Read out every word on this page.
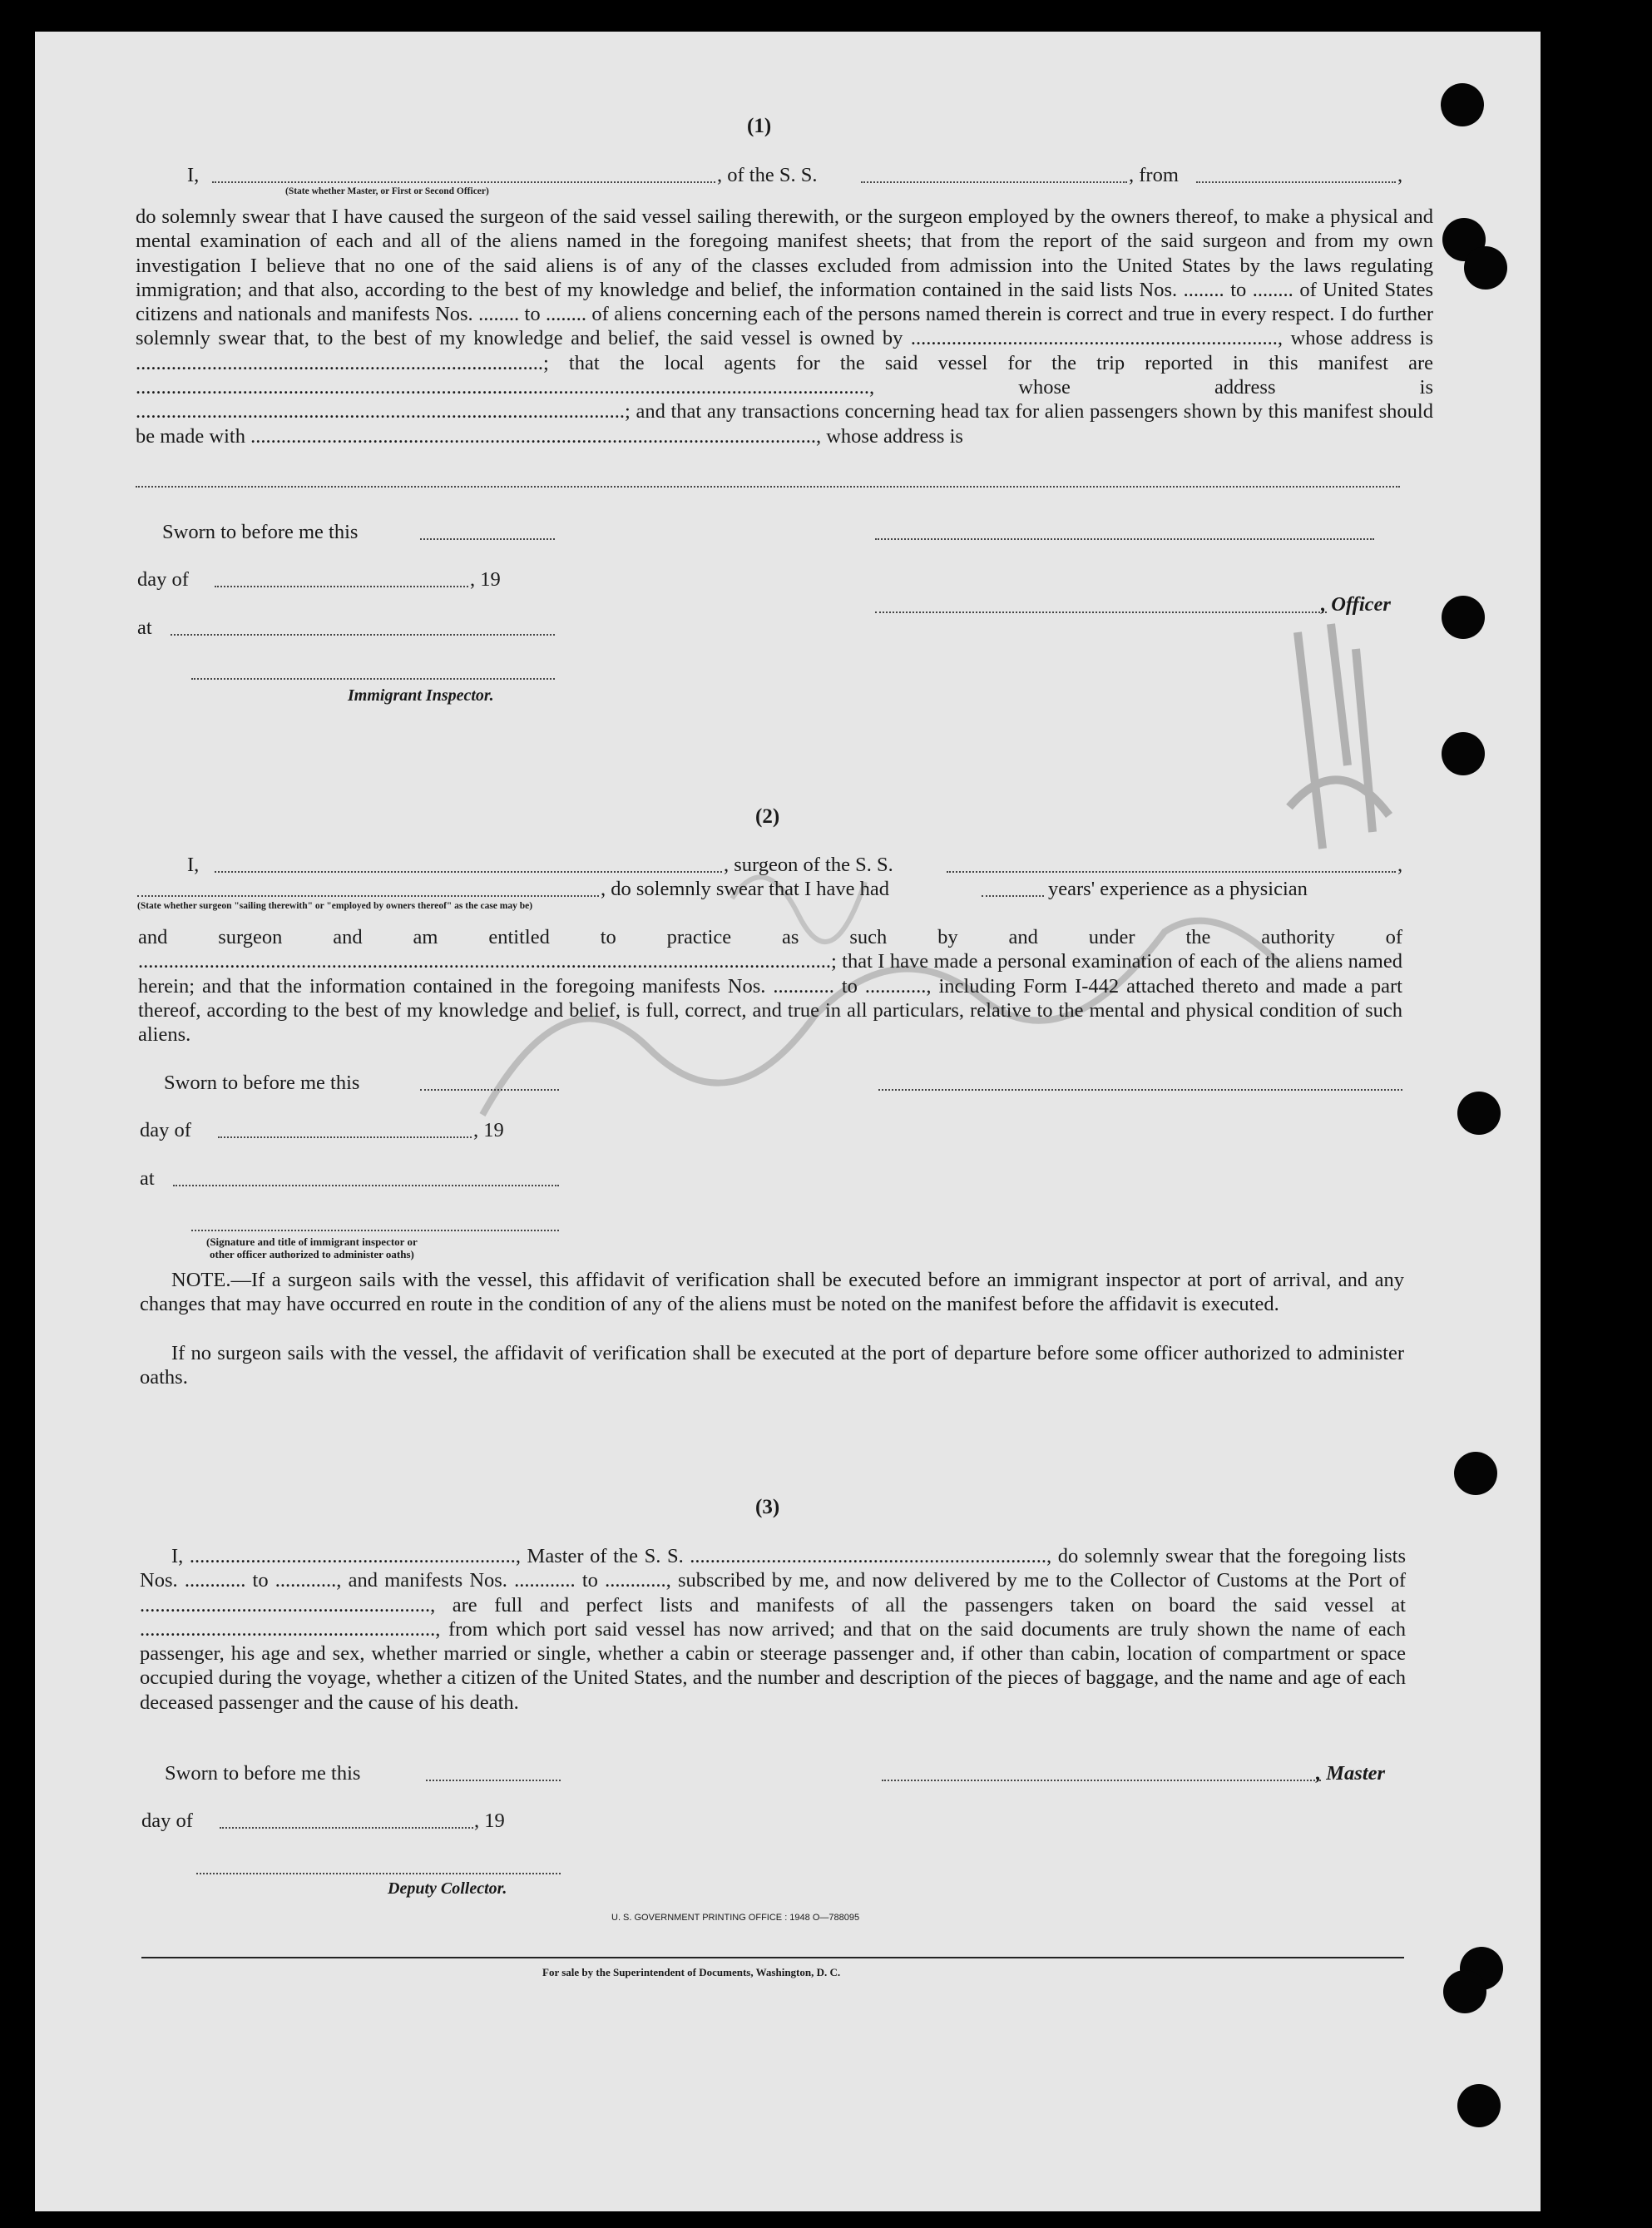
(1)
I,	, of the S. S.	, from	,
(State whether Master, or First or Second Officer)
do solemnly swear that I have caused the surgeon of the said vessel sailing therewith, or the surgeon employed by the owners thereof, to make a physical and mental examination of each and all of the aliens named in the foregoing manifest sheets; that from the report of the said surgeon and from my own investigation I believe that no one of the said aliens is of any of the classes excluded from admission into the United States by the laws regulating immigration; and that also, according to the best of my knowledge and belief, the information contained in the said lists Nos. ........ to ........ of United States citizens and nationals and manifests Nos. ........ to ........ of aliens concerning each of the persons named therein is correct and true in every respect. I do further solemnly swear that, to the best of my knowledge and belief, the said vessel is owned by ........................................................................, whose address is ................................................................................; that the local agents for the said vessel for the trip reported in this manifest are ................................................................................................................................................, whose address is ................................................................................................; and that any transactions concerning head tax for alien passengers shown by this manifest should be made with ..............................................................................................................., whose address is
Sworn to before me this
day of	, 19
at
, Officer
Immigrant Inspector.
(2)
I,	, surgeon of the S. S.	,
, do solemnly swear that I have had	years' experience as a physician
(State whether surgeon "sailing therewith" or "employed by owners thereof" as the case may be)
and surgeon and am entitled to practice as such by and under the authority of ........................................................................................................................................; that I have made a personal examination of each of the aliens named herein; and that the information contained in the foregoing manifests Nos. ............ to ............, including Form I-442 attached thereto and made a part thereof, according to the best of my knowledge and belief, is full, correct, and true in all particulars, relative to the mental and physical condition of such aliens.
Sworn to before me this
day of	, 19
at
(Signature and title of immigrant inspector or
other officer authorized to administer oaths)
NOTE.—If a surgeon sails with the vessel, this affidavit of verification shall be executed before an immigrant inspector at port of arrival, and any changes that may have occurred en route in the condition of any of the aliens must be noted on the manifest before the affidavit is executed.
If no surgeon sails with the vessel, the affidavit of verification shall be executed at the port of departure before some officer authorized to administer oaths.
(3)
I, ................................................................, Master of the S. S. ......................................................................, do solemnly swear that the foregoing lists Nos. ............ to ............, and manifests Nos. ............ to ............, subscribed by me, and now delivered by me to the Collector of Customs at the Port of ........................................................., are full and perfect lists and manifests of all the passengers taken on board the said vessel at .........................................................., from which port said vessel has now arrived; and that on the said documents are truly shown the name of each passenger, his age and sex, whether married or single, whether a cabin or steerage passenger and, if other than cabin, location of compartment or space occupied during the voyage, whether a citizen of the United States, and the number and description of the pieces of baggage, and the name and age of each deceased passenger and the cause of his death.
Sworn to before me this	, Master
day of	, 19
Deputy Collector.
U. S. GOVERNMENT PRINTING OFFICE : 1948 O—788095
For sale by the Superintendent of Documents, Washington, D. C.
